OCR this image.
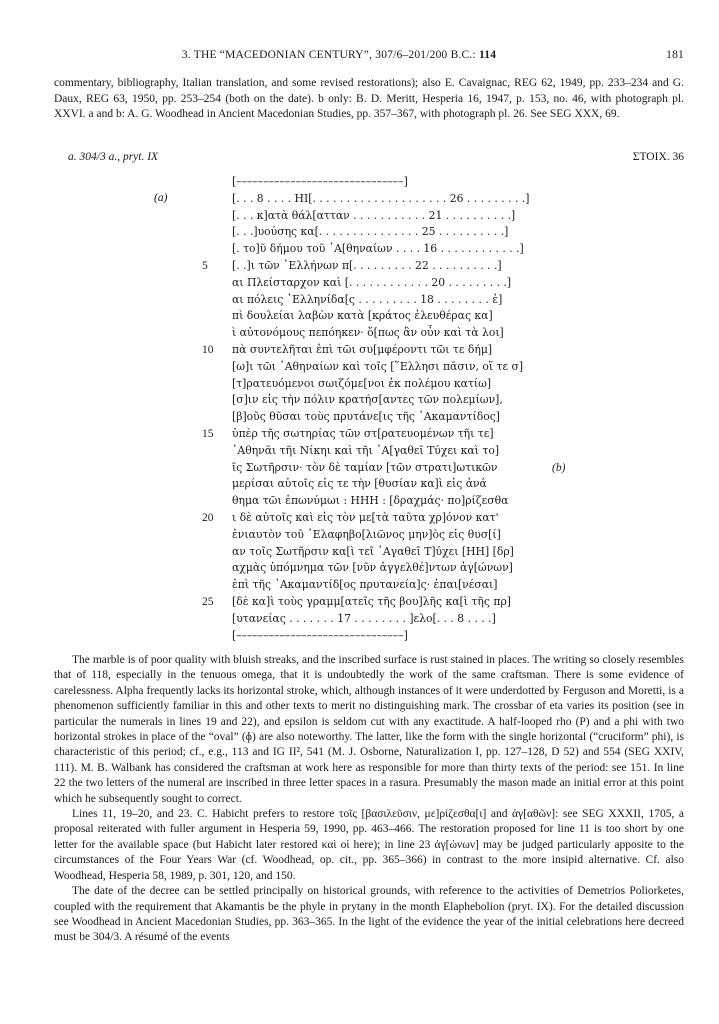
3. THE “MACEDONIAN CENTURY”, 307/6–201/200 B.C.: 114	181

commentary, bibliography, Italian translation, and some revised restorations); also E. Cavaignac, REG 62, 1949, pp. 233–234 and G. Daux, REG 63, 1950, pp. 253–254 (both on the date). b only: B. D. Meritt, Hesperia 16, 1947, p. 153, no. 46, with photograph pl. XXVI. a and b: A. G. Woodhead in Ancient Macedonian Studies, pp. 357–367, with photograph pl. 26. See SEG XXX, 69.

a. 304/3 a., pryt. IX	ΣΤΟΙΧ. 36
(a)
(b)
[–––––––––––––––––––––––––––––––]
[. . . 8 . . . . ΗΙ[. . . . . . . . . . . . . . . . . . . . 26 . . . . . . . . .]
[. . . κ]ατὰ θάλ[ατταν . . . . . . . . . . . 21 . . . . . . . . . .]
[. . .]υούσης κα[. . . . . . . . . . . . . . . 25 . . . . . . . . . .]
[. το]ῦ δήμου τοῦ ᾿Α[θηναίων . . . . 16 . . . . . . . . . . . .]
[. .]ι τῶν ῾Ελλήνων π[. . . . . . . . . 22 . . . . . . . . . .]
αι Πλείσταρχον καὶ [. . . . . . . . . . . . 20 . . . . . . . . .]
αι πόλεις ῾Ελληνίδα[ς . . . . . . . . . 18 . . . . . . . . ἐ]
πὶ δουλείαι λαβὼν κατὰ [κράτος ἐλευθέρας κα]
ὶ αὐτονόμους πεπόηκεν· ὅ[πως ἂν οὖν καὶ τὰ λοι]
πὰ συντελῆται ἐπὶ τῶι συ[μφέροντι τῶι τε δήμ]
[ω]ι τῶι ᾿Αθηναίων καὶ τοῖς [῞Ελλησι πᾶσιν, οἵ τε σ]
[τ]ρατευόμενοι σωιζόμε[νοι ἐκ πολέμου κατίω]
[σ]ιν εἰς τὴν πόλιν κρατήσ[αντες τῶν πολεμίων],
[β]οῦς θῦσαι τοὺς πρυτάνε[ις τῆς ᾿Ακαμαντίδος]
ὑπὲρ τῆς σωτηρίας τῶν στ[ρατευομένων τῆι τε]
᾿Αθηνᾶι τῆι Νίκηι καὶ τῆι ᾿Α[γαθεῖ Τύχει καὶ το]
ῖς Σωτῆρσιν· τὸν δὲ ταμίαν [τῶν στρατι]ωτικῶν
μερίσαι αὐτοῖς εἰς τε τὴν [θυσίαν κα]ὶ εἰς ἀνά
θημα τῶι ἐπωνύμωι : ΗΗΗ : [δραχμάς· πο]ρίζεσθα
ι δὲ αὐτοῖς καὶ εἰς τὸν με[τὰ ταῦτα χρ]όνον κατ'
ἐνιαυτὸν τοῦ ᾿Ελαφηβο[λιῶνος μην]ὸς εἰς θυσ[ί]
αν τοῖς Σωτῆρσιν κα[ὶ τεῖ ᾿Αγαθεῖ Τ]ύχει [ΗΗ] [δρ]
αχμὰς ὑπόμνημα τῶν [νῦν ἀγγελθέ]ντων ἀγ[ώνων]
ἐπὶ τῆς ᾿Ακαμαντίδ[ος πρυτανεία]ς· ἐπαι[νέσαι]
[δὲ κα]ὶ τοὺς γραμμ[ατεῖς τῆς βου]λῆς κα[ὶ τῆς πρ]
[υτανείας . . . . . . . 17 . . . . . . . . ]ελο[. . . 8 . . . .]
[–––––––––––––––––––––––––––––––]
5
10
15
20
25

The marble is of poor quality with bluish streaks, and the inscribed surface is rust stained in places. The writing so closely resembles that of 118, especially in the tenuous omega, that it is undoubtedly the work of the same craftsman. There is some evidence of carelessness. Alpha frequently lacks its horizontal stroke, which, although instances of it were underdotted by Ferguson and Moretti, is a phenomenon sufficiently familiar in this and other texts to merit no distinguishing mark. The crossbar of eta varies its position (see in particular the numerals in lines 19 and 22), and epsilon is seldom cut with any exactitude. A half-looped rho (Ρ) and a phi with two horizontal strokes in place of the “oval” (ɸ) are also noteworthy. The latter, like the form with the single horizontal (“cruciform” phi), is characteristic of this period; cf., e.g., 113 and IG II², 541 (M. J. Osborne, Naturalization I, pp. 127–128, D 52) and 554 (SEG XXIV, 111). M. B. Walbank has considered the craftsman at work here as responsible for more than thirty texts of the period: see 151. In line 22 the two letters of the numeral are inscribed in three letter spaces in a rasura. Presumably the mason made an initial error at this point which he subsequently sought to correct.

Lines 11, 19–20, and 23. C. Habicht prefers to restore τοῖς [βασιλεῦσιν, με]ρίζεσθα[ι] and ἀγ[αθῶν]: see SEG XXXII, 1705, a proposal reiterated with fuller argument in Hesperia 59, 1990, pp. 463–466. The restoration proposed for line 11 is too short by one letter for the available space (but Habicht later restored καὶ οἱ here); in line 23 ἀγ[ώνων] may be judged particularly apposite to the circumstances of the Four Years War (cf. Woodhead, op. cit., pp. 365–366) in contrast to the more insipid alternative. Cf. also Woodhead, Hesperia 58, 1989, p. 301, 120, and 150.

The date of the decree can be settled principally on historical grounds, with reference to the activities of Demetrios Poliorketes, coupled with the requirement that Akamantis be the phyle in prytany in the month Elaphebolion (pryt. IX). For the detailed discussion see Woodhead in Ancient Macedonian Studies, pp. 363–365. In the light of the evidence the year of the initial celebrations here decreed must be 304/3. A résumé of the events
